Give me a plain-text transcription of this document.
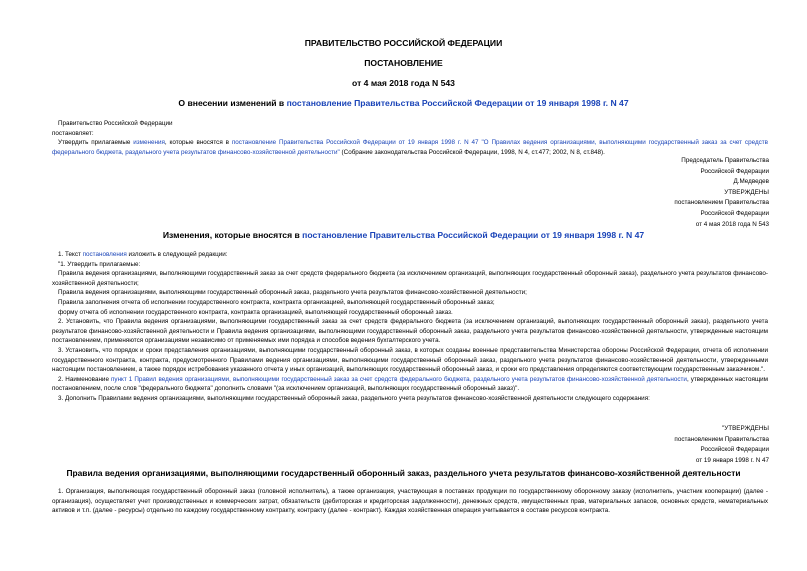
ПРАВИТЕЛЬСТВО РОССИЙСКОЙ ФЕДЕРАЦИИ
ПОСТАНОВЛЕНИЕ
от 4 мая 2018 года N 543
О внесении изменений в постановление Правительства Российской Федерации от 19 января 1998 г. N 47
Правительство Российской Федерации
постановляет:
Утвердить прилагаемые изменения, которые вносятся в постановление Правительства Российской Федерации от 19 января 1998 г. N 47 "О Правилах ведения организациями, выполняющими государственный заказ за счет средств федерального бюджета, раздельного учета результатов финансово-хозяйственной деятельности" (Собрание законодательства Российской Федерации, 1998, N 4, ст.477; 2002, N 8, ст.848).
Председатель Правительства
Российской Федерации
Д.Медведев
УТВЕРЖДЕНЫ
постановлением Правительства
Российской Федерации
от 4 мая 2018 года N 543
Изменения, которые вносятся в постановление Правительства Российской Федерации от 19 января 1998 г. N 47
1. Текст постановления изложить в следующей редакции:
"1. Утвердить прилагаемые:
Правила ведения организациями, выполняющими государственный заказ за счет средств федерального бюджета (за исключением организаций, выполняющих государственный оборонный заказ), раздельного учета результатов финансово-хозяйственной деятельности;
Правила ведения организациями, выполняющими государственный оборонный заказ, раздельного учета результатов финансово-хозяйственной деятельности;
Правила заполнения отчета об исполнении государственного контракта, контракта организацией, выполняющей государственный оборонный заказ;
форму отчета об исполнении государственного контракта, контракта организацией, выполняющей государственный оборонный заказ.
2. Установить, что Правила ведения организациями, выполняющими государственный заказ за счет средств федерального бюджета (за исключением организаций, выполняющих государственный оборонный заказ), раздельного учета результатов финансово-хозяйственной деятельности и Правила ведения организациями, выполняющими государственный оборонный заказ, раздельного учета результатов финансово-хозяйственной деятельности, утвержденные настоящим постановлением, применяются организациями независимо от применяемых ими порядка и способов ведения бухгалтерского учета.
3. Установить, что порядок и сроки представления организациями, выполняющими государственный оборонный заказ, в которых созданы военные представительства Министерства обороны Российской Федерации, отчета об исполнении государственного контракта, контракта, предусмотренного Правилами ведения организациями, выполняющими государственный оборонный заказ, раздельного учета результатов финансово-хозяйственной деятельности, утвержденными настоящим постановлением, а также порядок истребования указанного отчета у иных организаций, выполняющих государственный оборонный заказ, и сроки его представления определяются соответствующим государственным заказчиком.".
2. Наименование пункт 1 Правил ведения организациями, выполняющими государственный заказ за счет средств федерального бюджета, раздельного учета результатов финансово-хозяйственной деятельности, утвержденных настоящим постановлением, после слов "федерального бюджета" дополнить словами "(за исключением организаций, выполняющих государственный оборонный заказ)".
3. Дополнить Правилами ведения организациями, выполняющими государственный оборонный заказ, раздельного учета результатов финансово-хозяйственной деятельности следующего содержания:
"УТВЕРЖДЕНЫ
постановлением Правительства
Российской Федерации
от 19 января 1998 г. N 47
Правила ведения организациями, выполняющими государственный оборонный заказ, раздельного учета результатов финансово-хозяйственной деятельности
1. Организация, выполняющая государственный оборонный заказ (головной исполнитель), а также организация, участвующая в поставках продукции по государственному оборонному заказу (исполнитель, участник кооперации) (далее - организация), осуществляет учет производственных и коммерческих затрат, обязательств (дебиторская и кредиторская задолженности), денежных средств, имущественных прав, материальных запасов, основных средств, нематериальных активов и т.п. (далее - ресурсы) отдельно по каждому государственному контракту, контракту (далее - контракт). Каждая хозяйственная операция учитывается в составе ресурсов контракта.
